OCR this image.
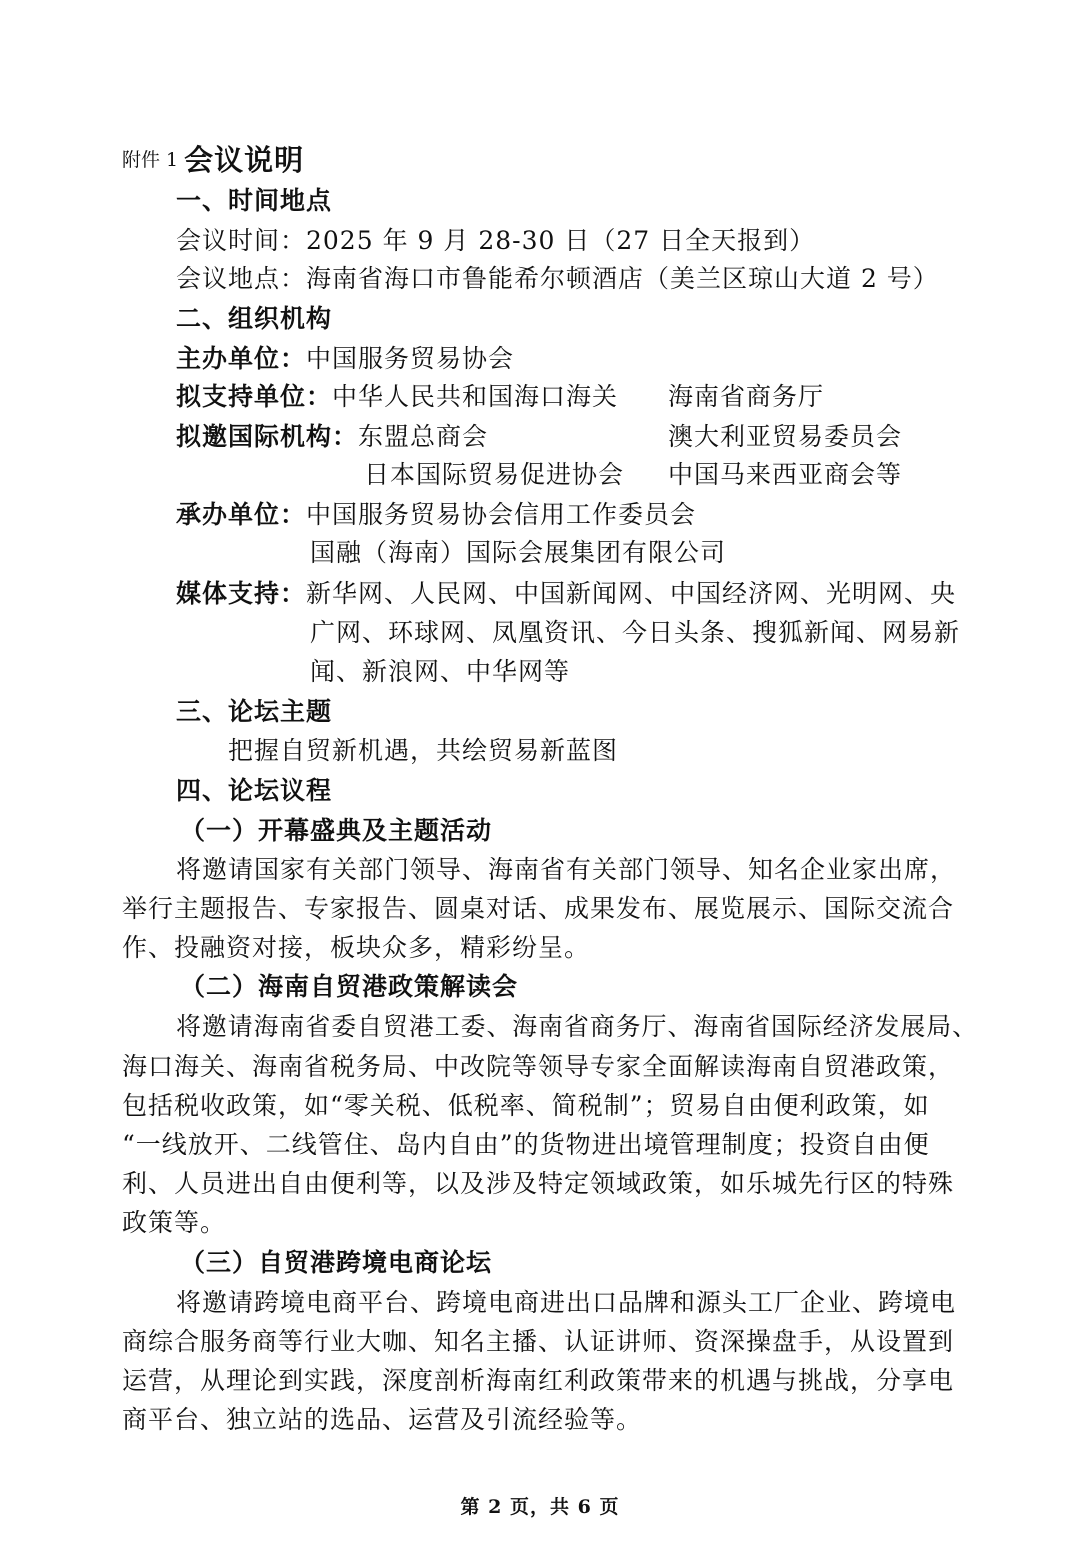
附件 1 会议说明
一、时间地点
会议时间：2025 年 9 月 28-30 日（27 日全天报到）
会议地点：海南省海口市鲁能希尔顿酒店（美兰区琼山大道 2 号）
二、组织机构
主办单位：中国服务贸易协会
拟支持单位：中华人民共和国海口海关 海南省商务厅
拟邀国际机构：东盟总商会	澳大利亚贸易委员会
日本国际贸易促进协会 中国马来西亚商会等
承办单位：中国服务贸易协会信用工作委员会
国融（海南）国际会展集团有限公司
媒体支持：新华网、人民网、中国新闻网、中国经济网、光明网、央
广网、环球网、凤凰资讯、今日头条、搜狐新闻、网易新
闻、新浪网、中华网等
三、论坛主题
把握自贸新机遇，共绘贸易新蓝图
四、论坛议程
（一）开幕盛典及主题活动
将邀请国家有关部门领导、海南省有关部门领导、知名企业家出席，
举行主题报告、专家报告、圆桌对话、成果发布、展览展示、国际交流合
作、投融资对接，板块众多，精彩纷呈。
（二）海南自贸港政策解读会
将邀请海南省委自贸港工委、海南省商务厅、海南省国际经济发展局、
海口海关、海南省税务局、中改院等领导专家全面解读海南自贸港政策，
包括税收政策，如“零关税、低税率、简税制”；贸易自由便利政策，如
“一线放开、二线管住、岛内自由”的货物进出境管理制度；投资自由便
利、人员进出自由便利等，以及涉及特定领域政策，如乐城先行区的特殊
政策等。
（三）自贸港跨境电商论坛
将邀请跨境电商平台、跨境电商进出口品牌和源头工厂企业、跨境电
商综合服务商等行业大咖、知名主播、认证讲师、资深操盘手，从设置到
运营，从理论到实践，深度剖析海南红利政策带来的机遇与挑战，分享电
商平台、独立站的选品、运营及引流经验等。
第 2 页，共 6 页
